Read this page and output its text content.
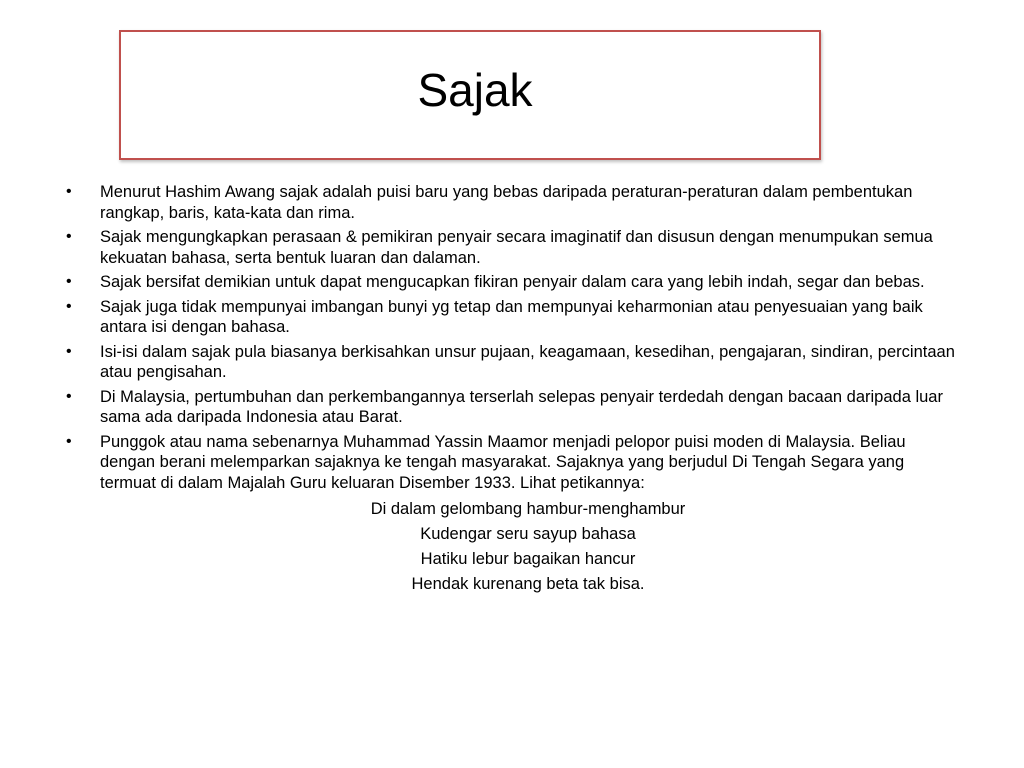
Sajak
•	Menurut Hashim Awang sajak adalah puisi baru yang bebas daripada peraturan-peraturan dalam pembentukan rangkap, baris, kata-kata dan rima.
•	Sajak mengungkapkan perasaan & pemikiran penyair secara imaginatif dan disusun dengan menumpukan semua kekuatan bahasa, serta bentuk luaran dan dalaman.
•	Sajak bersifat demikian untuk dapat mengucapkan fikiran penyair dalam cara yang lebih indah, segar dan bebas.
•	Sajak juga tidak mempunyai imbangan bunyi yg tetap dan mempunyai keharmonian atau penyesuaian yang baik antara isi dengan bahasa.
•	Isi-isi dalam sajak pula biasanya berkisahkan unsur pujaan, keagamaan, kesedihan, pengajaran, sindiran, percintaan atau pengisahan.
•	Di Malaysia, pertumbuhan dan perkembangannya terserlah selepas penyair terdedah dengan bacaan daripada luar sama ada daripada Indonesia atau Barat.
•	Punggok atau nama sebenarnya Muhammad Yassin Maamor menjadi pelopor puisi moden di Malaysia. Beliau dengan berani melemparkan sajaknya ke tengah masyarakat. Sajaknya yang berjudul Di Tengah Segara yang termuat di dalam Majalah Guru keluaran Disember 1933. Lihat petikannya:
Di dalam gelombang hambur-menghambur
Kudengar seru sayup bahasa
Hatiku lebur bagaikan hancur
Hendak kurenang beta tak bisa.
